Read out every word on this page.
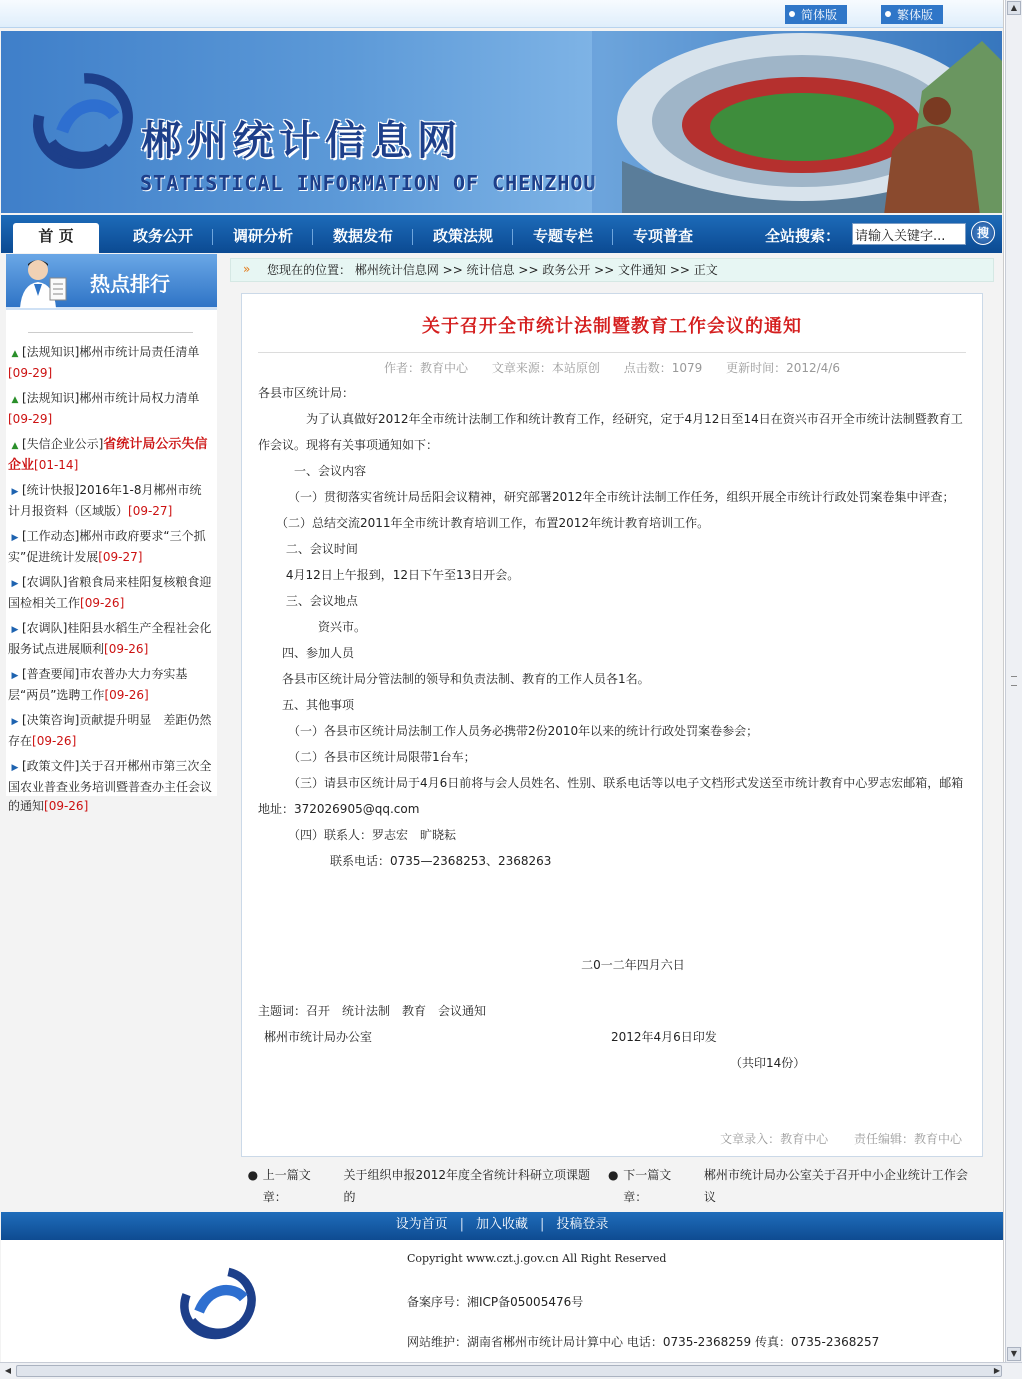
简体版	繁体版
郴州统计信息网
STATISTICAL INFORMATION OF CHENZHOU
首 页	政务公开	调研分析	数据发布	政策法规	专题专栏	专项普查	全站搜索：
请输入关键字...	搜
热点排行
▲ [法规知识]郴州市统计局责任清单
[09-29]
▲ [法规知识]郴州市统计局权力清单
[09-29]
▲ [失信企业公示]省统计局公示失信企业[01-14]
▶ [统计快报]2016年1-8月郴州市统计月报资料（区域版）[09-27]
▶ [工作动态]郴州市政府要求“三个抓实”促进统计发展[09-27]
▶ [农调队]省粮食局来桂阳复核粮食迎国检相关工作[09-26]
▶ [农调队]桂阳县水稻生产全程社会化服务试点进展顺利[09-26]
▶ [普查要闻]市农普办大力夯实基层“两员”选聘工作[09-26]
▶ [决策咨询]贡献提升明显　差距仍然存在[09-26]
▶ [政策文件]关于召开郴州市第三次全国农业普查业务培训暨普查办主任会议的通知[09-26]
» 您现在的位置： 郴州统计信息网 >> 统计信息 >> 政务公开 >> 文件通知 >> 正文
关于召开全市统计法制暨教育工作会议的通知
作者：教育中心 文章来源：本站原创 点击数：1079 更新时间：2012/4/6

各县市区统计局：

　　　　为了认真做好2012年全市统计法制工作和统计教育工作，经研究，定于4月12日至14日在资兴市召开全市统计法制暨教育工作会议。现将有关事项通知如下：

　　　一、会议内容

　　　（一）贯彻落实省统计局岳阳会议精神，研究部署2012年全市统计法制工作任务，组织开展全市统计行政处罚案卷集中评查；

　　（二）总结交流2011年全市统计教育培训工作，布置2012年统计教育培训工作。

　　 二、会议时间

　　 4月12日上午报到，12日下午至13日开会。

　　 三、会议地点

　　　　　资兴市。

　　四、参加人员

　　各县市区统计局分管法制的领导和负责法制、教育的工作人员各1名。

　　五、其他事项

　　　（一）各县市区统计局法制工作人员务必携带2份2010年以来的统计行政处罚案卷参会；

　　　（二）各县市区统计局限带1台车；

　　　（三）请县市区统计局于4月6日前将与会人员姓名、性别、联系电话等以电子文档形式发送至市统计教育中心罗志宏邮箱，邮箱地址：372026905@qq.com

　　　（四）联系人：罗志宏　旷晓耘

　　　　　　联系电话：0735—2368253、2368263

二0一二年四月六日

主题词：召开　统计法制　教育　会议通知

郴州市统计局办公室	2012年4月6日印发

（共印14份）

文章录入：教育中心 责任编辑：教育中心
● 上一篇文章：
关于组织申报2012年度全省统计科研立项课题的
● 下一篇文章：
郴州市统计局办公室关于召开中小企业统计工作会议
设为首页 | 加入收藏 | 投稿登录
Copyright www.czt.j.gov.cn All Right Reserved
备案序号：湘ICP备05005476号
网站维护：湖南省郴州市统计局计算中心 电话：0735-2368259 传真：0735-2368257
▲
▼
◀	▶
